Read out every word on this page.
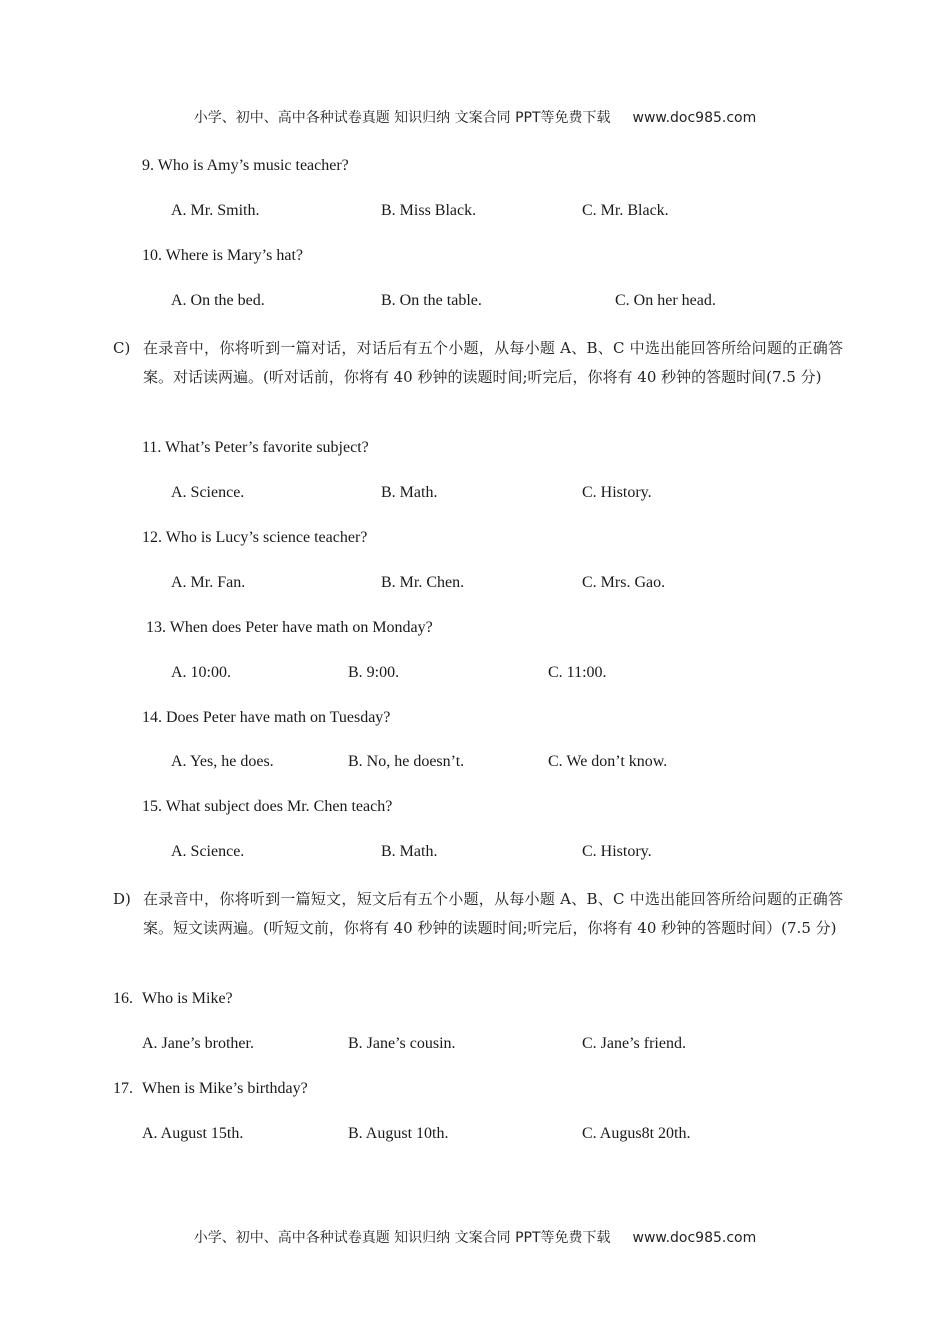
小学、初中、高中各种试卷真题 知识归纳 文案合同 PPT等免费下载 www.doc985.com
9. Who is Amy’s music teacher?
A. Mr. Smith.	B. Miss Black.	C. Mr. Black.
10. Where is Mary’s hat?
A. On the bed.	B. On the table.	C. On her head.
C) 在录音中，你将听到一篇对话，对话后有五个小题，从每小题 A、B、C 中选出能回答所给问题的正确答案。对话读两遍。(听对话前，你将有 40 秒钟的读题时间;听完后，你将有 40 秒钟的答题时间(7.5 分)
11. What’s Peter’s favorite subject?
A. Science.	B. Math.	C. History.
12. Who is Lucy’s science teacher?
A. Mr. Fan.	B. Mr. Chen.	C. Mrs. Gao.
13. When does Peter have math on Monday?
A. 10:00.	B. 9:00.	C. 11:00.
14. Does Peter have math on Tuesday?
A. Yes, he does.	B. No, he doesn’t.	C. We don’t know.
15. What subject does Mr. Chen teach?
A. Science.	B. Math.	C. History.
D) 在录音中，你将听到一篇短文，短文后有五个小题，从每小题 A、B、C 中选出能回答所给问题的正确答案。短文读两遍。(听短文前，你将有 40 秒钟的读题时间;听完后，你将有 40 秒钟的答题时间）(7.5 分)
16. Who is Mike?
A. Jane’s brother.	B. Jane’s cousin.	C. Jane’s friend.
17. When is Mike’s birthday?
A. August 15th.	B. August 10th.	C. Augus8t 20th.
小学、初中、高中各种试卷真题 知识归纳 文案合同 PPT等免费下载 www.doc985.com
